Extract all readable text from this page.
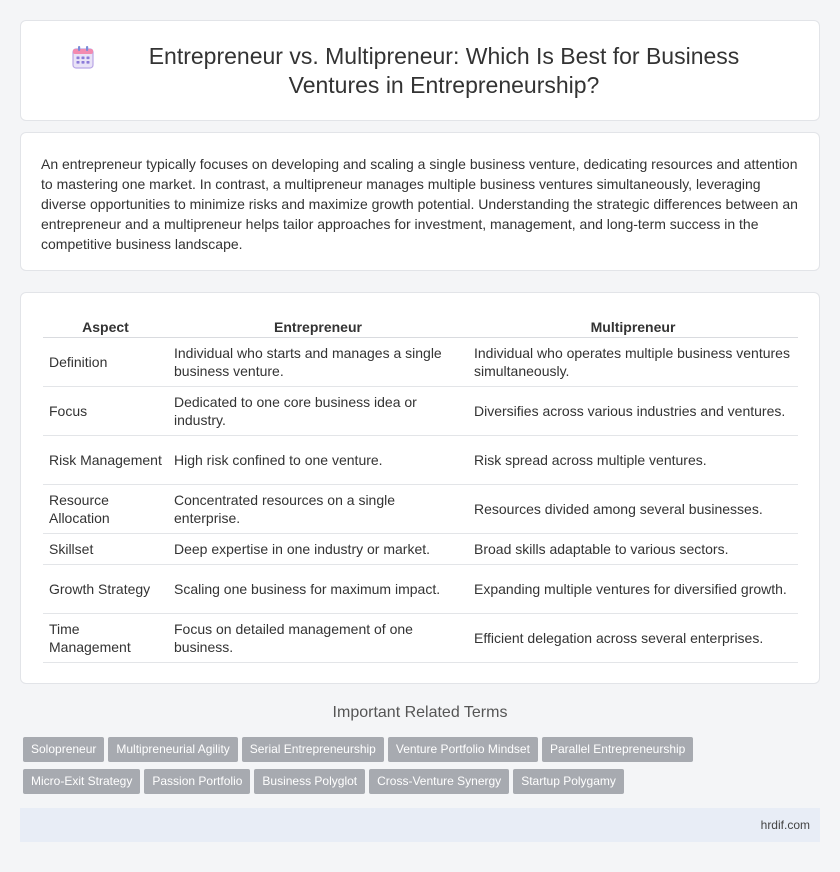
Entrepreneur vs. Multipreneur: Which Is Best for Business Ventures in Entrepreneurship?

An entrepreneur typically focuses on developing and scaling a single business venture, dedicating resources and attention to mastering one market. In contrast, a multipreneur manages multiple business ventures simultaneously, leveraging diverse opportunities to minimize risks and maximize growth potential. Understanding the strategic differences between an entrepreneur and a multipreneur helps tailor approaches for investment, management, and long-term success in the competitive business landscape.

Aspect	Entrepreneur	Multipreneur
Definition	Individual who starts and manages a single business venture.	Individual who operates multiple business ventures simultaneously.
Focus	Dedicated to one core business idea or industry.	Diversifies across various industries and ventures.
Risk Management	High risk confined to one venture.	Risk spread across multiple ventures.
Resource Allocation	Concentrated resources on a single enterprise.	Resources divided among several businesses.
Skillset	Deep expertise in one industry or market.	Broad skills adaptable to various sectors.
Growth Strategy	Scaling one business for maximum impact.	Expanding multiple ventures for diversified growth.
Time Management	Focus on detailed management of one business.	Efficient delegation across several enterprises.
Important Related Terms
Solopreneur Multipreneurial Agility Serial Entrepreneurship Venture Portfolio Mindset Parallel Entrepreneurship
Micro-Exit Strategy Passion Portfolio Business Polyglot Cross-Venture Synergy Startup Polygamy
hrdif.com
